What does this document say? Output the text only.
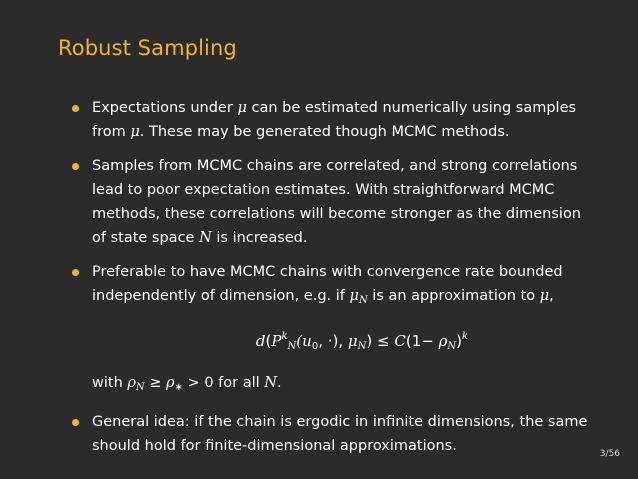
Robust Sampling
Expectations under μ can be estimated numerically using samples from μ. These may be generated though MCMC methods.
Samples from MCMC chains are correlated, and strong correlations lead to poor expectation estimates. With straightforward MCMC methods, these correlations will become stronger as the dimension of state space N is increased.
Preferable to have MCMC chains with convergence rate bounded independently of dimension, e.g. if $\mu_N$ is an approximation to μ,
$d(P^k_N(u_0$, ·), $\mu_N) \le C(1- \rho_N)^k$
with $\rho_N \ge \rho_∗ > 0$ for all N.
General idea: if the chain is ergodic in infinite dimensions, the same should hold for finite-dimensional approximations.	3/56
